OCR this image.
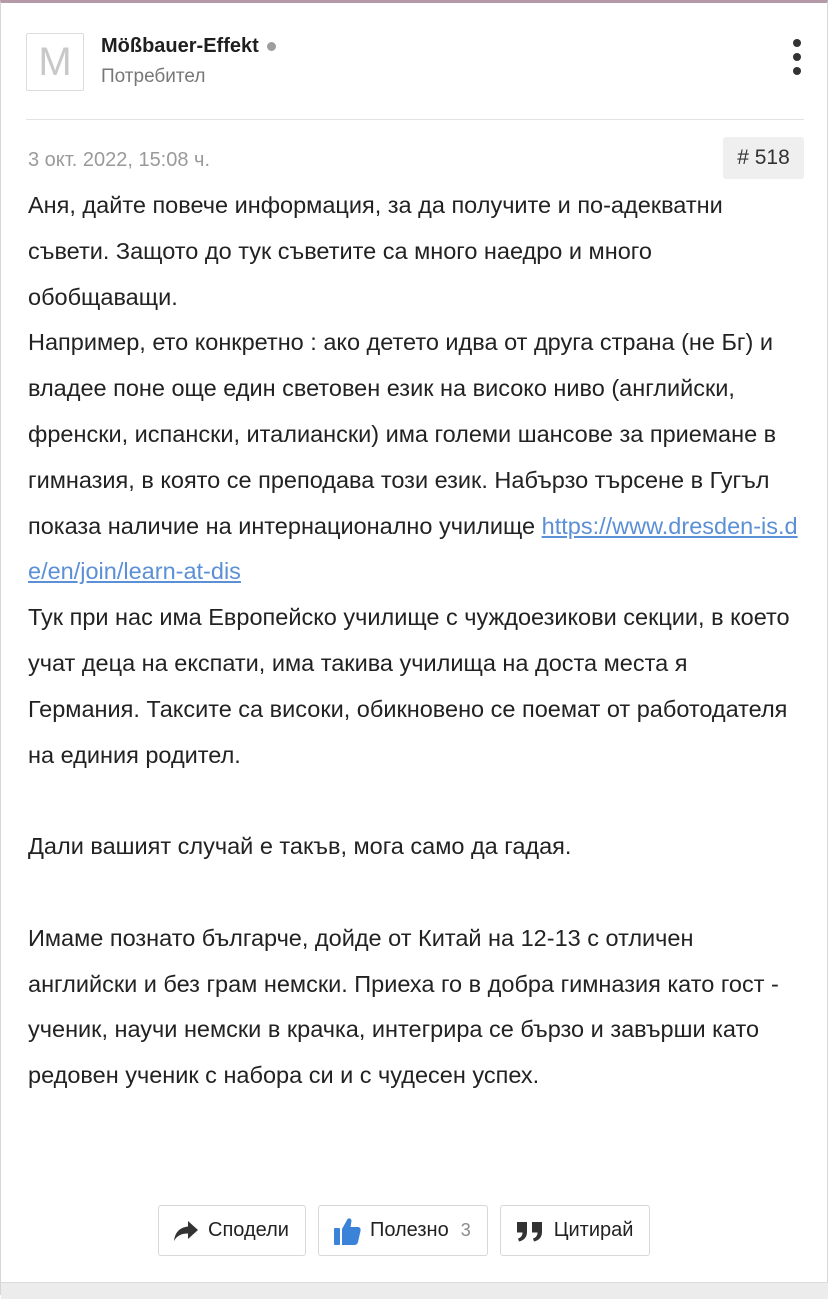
M Mößbauer-Effekt
Потребител
3 окт. 2022, 15:08 ч.	# 518

Аня, дайте повече информация, за да получите и по-адекватни съвети. Защото до тук съветите са много наедро и много обобщаващи.

Например, ето конкретно : ако детето идва от друга страна (не Бг) и владее поне още един световен език на високо ниво (английски, френски, испански, италиански) има големи шансове за приемане в гимназия, в която се преподава този език. Набързо търсене в Гугъл показа наличие на интернационално училище https://www.dresden-is.de/en/join/learn-at-dis

Тук при нас има Европейско училище с чуждоезикови секции, в което учат деца на експати, има такива училища на доста места я Германия. Таксите са високи, обикновено се поемат от работодателя на единия родител.

Дали вашият случай е такъв, мога само да гадая.

Имаме познато българче, дойде от Китай на 12-13 с отличен английски и без грам немски. Приеха го в добра гимназия като гост - ученик, научи немски в крачка, интегрира се бързо и завърши като редовен ученик с набора си и с чудесен успех.

Сподели	Полезно 3	Цитирай
